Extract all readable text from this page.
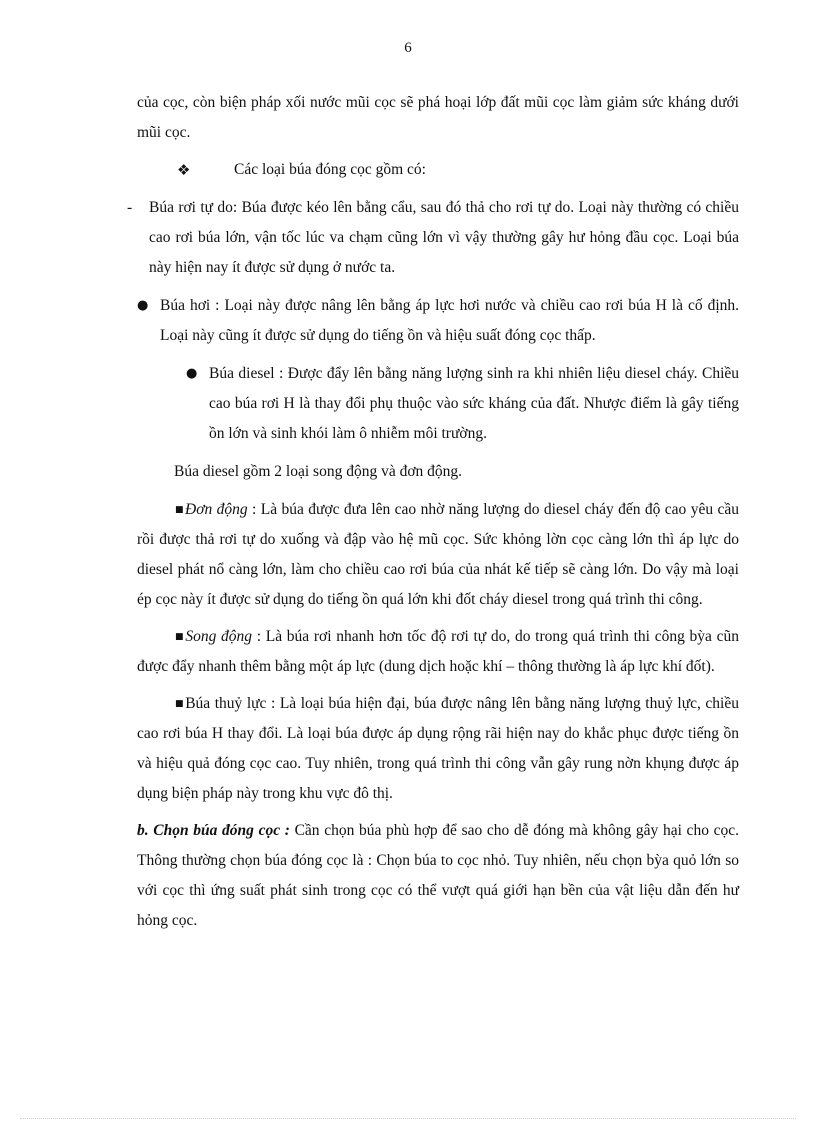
6

của cọc, còn biện pháp xối nước mũi cọc sẽ phá hoại lớp đất mũi cọc làm giảm sức kháng dưới mũi cọc.

❖	Các loại búa đóng cọc gồm có:
- Búa rơi tự do: Búa được kéo lên bằng cẩu, sau đó thả cho rơi tự do. Loại này thường có chiều cao rơi búa lớn, vận tốc lúc va chạm cũng lớn vì vậy thường gây hư hỏng đầu cọc. Loại búa này hiện nay ít được sử dụng ở nước ta.
● Búa hơi : Loại này được nâng lên bằng áp lực hơi nước và chiều cao rơi búa H là cố định. Loại này cũng ít được sử dụng do tiếng ồn và hiệu suất đóng cọc thấp.
● Búa diesel : Được đẩy lên bằng năng lượng sinh ra khi nhiên liệu diesel cháy. Chiều cao búa rơi H là thay đổi phụ thuộc vào sức kháng của đất. Nhược điểm là gây tiếng ồn lớn và sinh khói làm ô nhiễm môi trường.

Búa diesel gồm 2 loại song động và đơn động.

■Đơn động : Là búa được đưa lên cao nhờ năng lượng do diesel cháy đến độ cao yêu cầu rồi được thả rơi tự do xuống và đập vào hệ mũ cọc. Sức khỏng lờn cọc càng lớn thì áp lực do diesel phát nổ càng lớn, làm cho chiều cao rơi búa của nhát kế tiếp sẽ càng lớn. Do vậy mà loại ép cọc này ít được sử dụng do tiếng ồn quá lớn khi đốt cháy diesel trong quá trình thi công.

■Song động : Là búa rơi nhanh hơn tốc độ rơi tự do, do trong quá trình thi công bỳa cũn được đẩy nhanh thêm bằng một áp lực (dung dịch hoặc khí – thông thường là áp lực khí đốt).

■Búa thuỷ lực : Là loại búa hiện đại, búa được nâng lên bằng năng lượng thuỷ lực, chiều cao rơi búa H thay đổi. Là loại búa được áp dụng rộng rãi hiện nay do khắc phục được tiếng ồn và hiệu quả đóng cọc cao. Tuy nhiên, trong quá trình thi công vẫn gây rung nờn khụng được áp dụng biện pháp này trong khu vực đô thị.

b. Chọn búa đóng cọc : Cần chọn búa phù hợp để sao cho dễ đóng mà không gây hại cho cọc. Thông thường chọn búa đóng cọc là : Chọn búa to cọc nhỏ. Tuy nhiên, nếu chọn bỳa quỏ lớn so với cọc thì ứng suất phát sinh trong cọc có thể vượt quá giới hạn bền của vật liệu dẫn đến hư hỏng cọc.
